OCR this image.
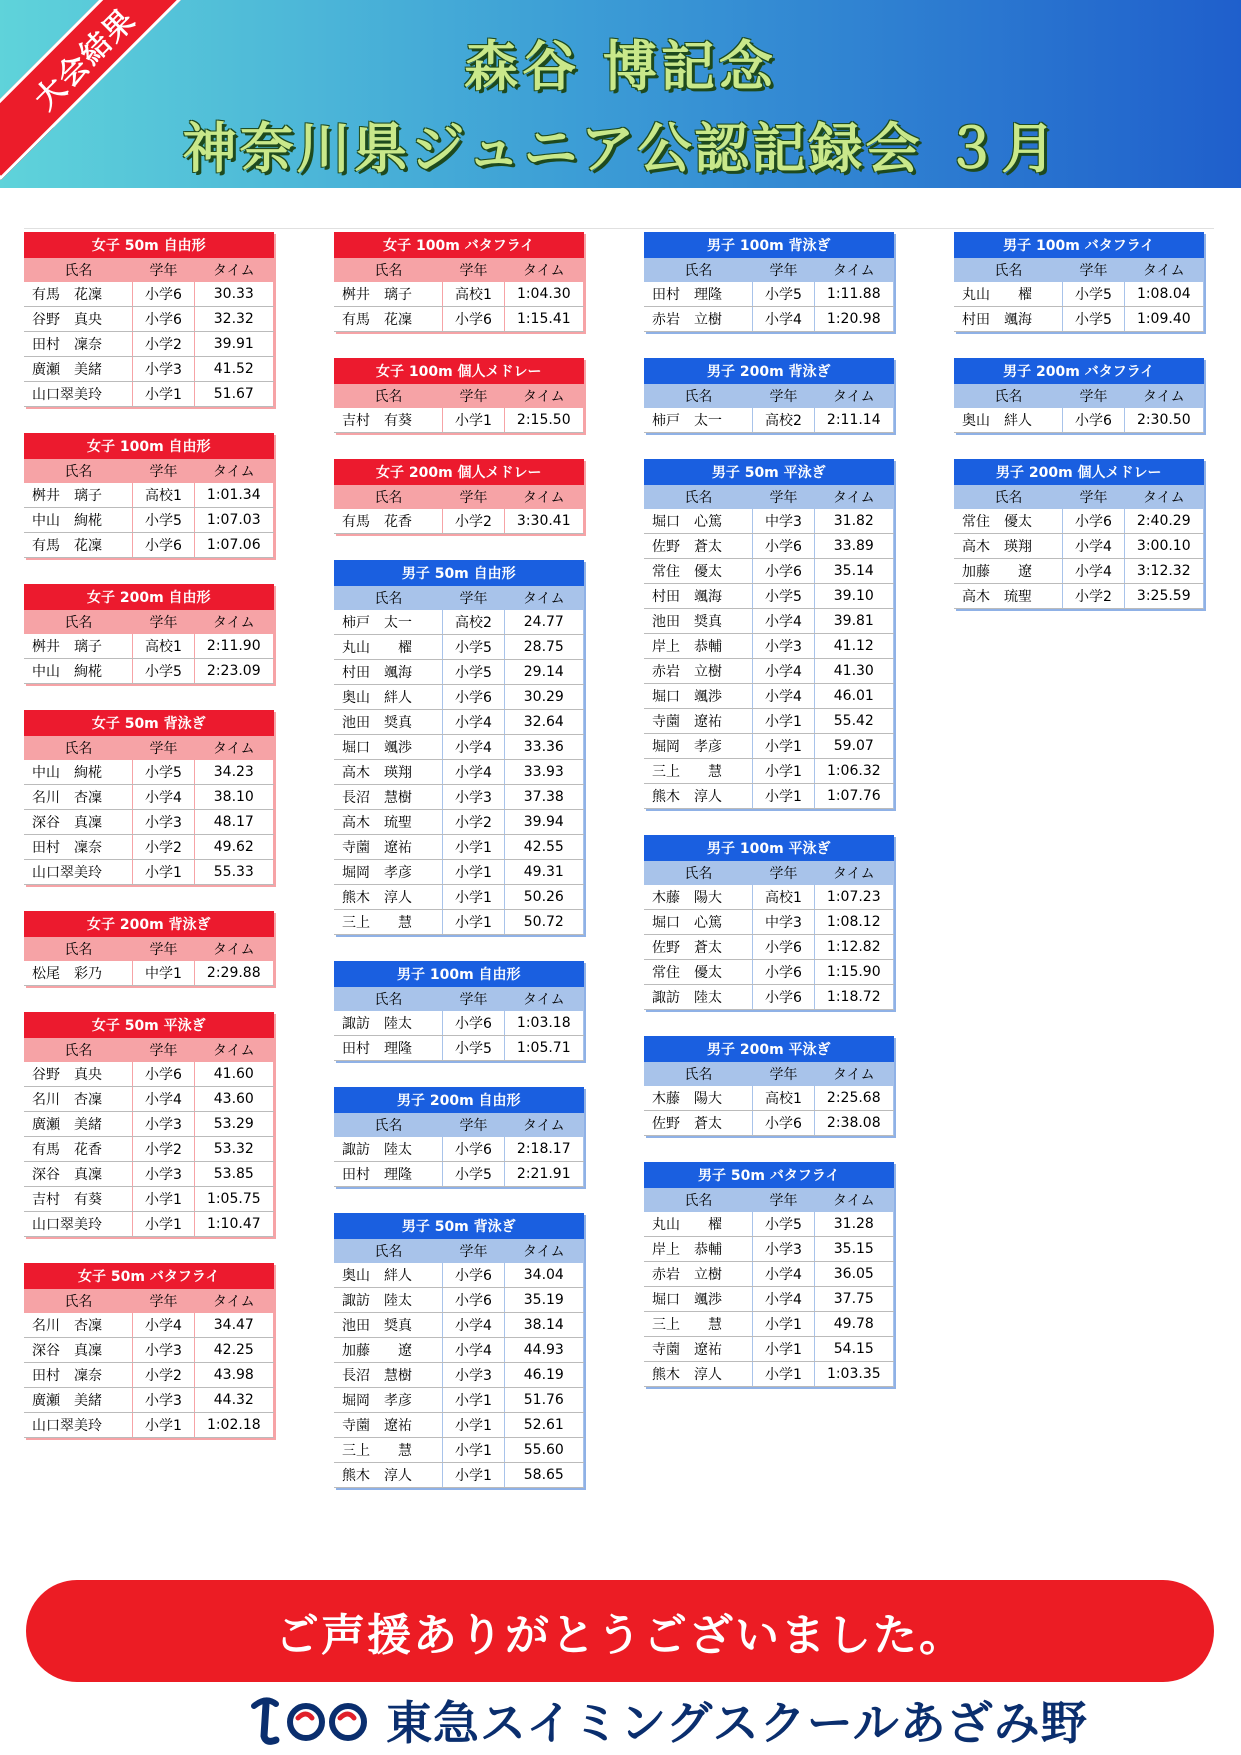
大会結果	森谷 博記念
神奈川県ジュニア公認記録会 ３月
女子 50m 自由形		
氏名	学年	タイム
有馬　花凜	小学6	30.33
谷野　真央	小学6	32.32
田村　凜奈	小学2	39.91
廣瀬　美緒	小学3	41.52
山口翠美玲	小学1	51.67
女子 100m 自由形		
氏名	学年	タイム
桝井　璃子	高校1	1:01.34
中山　絢椛	小学5	1:07.03
有馬　花凜	小学6	1:07.06
女子 200m 自由形		
氏名	学年	タイム
桝井　璃子	高校1	2:11.90
中山　絢椛	小学5	2:23.09
女子 50m 背泳ぎ		
氏名	学年	タイム
中山　絢椛	小学5	34.23
名川　杏凜	小学4	38.10
深谷　真凜	小学3	48.17
田村　凜奈	小学2	49.62
山口翠美玲	小学1	55.33
女子 200m 背泳ぎ		
氏名	学年	タイム
松尾　彩乃	中学1	2:29.88
女子 50m 平泳ぎ		
氏名	学年	タイム
谷野　真央	小学6	41.60
名川　杏凜	小学4	43.60
廣瀬　美緒	小学3	53.29
有馬　花香	小学2	53.32
深谷　真凜	小学3	53.85
吉村　有葵	小学1	1:05.75
山口翠美玲	小学1	1:10.47
女子 50m バタフライ		
氏名	学年	タイム
名川　杏凜	小学4	34.47
深谷　真凜	小学3	42.25
田村　凜奈	小学2	43.98
廣瀬　美緒	小学3	44.32
山口翠美玲	小学1	1:02.18
女子 100m バタフライ		
氏名	学年	タイム
桝井　璃子	高校1	1:04.30
有馬　花凜	小学6	1:15.41
女子 100m 個人メドレー		
氏名	学年	タイム
吉村　有葵	小学1	2:15.50
女子 200m 個人メドレー		
氏名	学年	タイム
有馬　花香	小学2	3:30.41
男子 50m 自由形		
氏名	学年	タイム
柿戸　太一	高校2	24.77
丸山　　櫂	小学5	28.75
村田　颯海	小学5	29.14
奥山　絆人	小学6	30.29
池田　奨真	小学4	32.64
堀口　颯渉	小学4	33.36
高木　瑛翔	小学4	33.93
長沼　慧樹	小学3	37.38
高木　琉聖	小学2	39.94
寺薗　遼祐	小学1	42.55
堀岡　孝彦	小学1	49.31
熊木　淳人	小学1	50.26
三上　　慧	小学1	50.72
男子 100m 自由形		
氏名	学年	タイム
諏訪　陸太	小学6	1:03.18
田村　理隆	小学5	1:05.71
男子 200m 自由形		
氏名	学年	タイム
諏訪　陸太	小学6	2:18.17
田村　理隆	小学5	2:21.91
男子 50m 背泳ぎ		
氏名	学年	タイム
奥山　絆人	小学6	34.04
諏訪　陸太	小学6	35.19
池田　奨真	小学4	38.14
加藤　　遼	小学4	44.93
長沼　慧樹	小学3	46.19
堀岡　孝彦	小学1	51.76
寺薗　遼祐	小学1	52.61
三上　　慧	小学1	55.60
熊木　淳人	小学1	58.65
男子 100m 背泳ぎ		
氏名	学年	タイム
田村　理隆	小学5	1:11.88
赤岩　立樹	小学4	1:20.98
男子 200m 背泳ぎ		
氏名	学年	タイム
柿戸　太一	高校2	2:11.14
男子 50m 平泳ぎ		
氏名	学年	タイム
堀口　心篤	中学3	31.82
佐野　蒼太	小学6	33.89
常住　優太	小学6	35.14
村田　颯海	小学5	39.10
池田　奨真	小学4	39.81
岸上　恭輔	小学3	41.12
赤岩　立樹	小学4	41.30
堀口　颯渉	小学4	46.01
寺薗　遼祐	小学1	55.42
堀岡　孝彦	小学1	59.07
三上　　慧	小学1	1:06.32
熊木　淳人	小学1	1:07.76
男子 100m 平泳ぎ		
氏名	学年	タイム
木藤　陽大	高校1	1:07.23
堀口　心篤	中学3	1:08.12
佐野　蒼太	小学6	1:12.82
常住　優太	小学6	1:15.90
諏訪　陸太	小学6	1:18.72
男子 200m 平泳ぎ		
氏名	学年	タイム
木藤　陽大	高校1	2:25.68
佐野　蒼太	小学6	2:38.08
男子 50m バタフライ		
氏名	学年	タイム
丸山　　櫂	小学5	31.28
岸上　恭輔	小学3	35.15
赤岩　立樹	小学4	36.05
堀口　颯渉	小学4	37.75
三上　　慧	小学1	49.78
寺薗　遼祐	小学1	54.15
熊木　淳人	小学1	1:03.35
男子 100m バタフライ		
氏名	学年	タイム
丸山　　櫂	小学5	1:08.04
村田　颯海	小学5	1:09.40
男子 200m バタフライ		
氏名	学年	タイム
奥山　絆人	小学6	2:30.50
男子 200m 個人メドレー		
氏名	学年	タイム
常住　優太	小学6	2:40.29
高木　瑛翔	小学4	3:00.10
加藤　　遼	小学4	3:12.32
高木　琉聖	小学2	3:25.59
ご声援ありがとうございました。
東急スイミングスクールあざみ野
